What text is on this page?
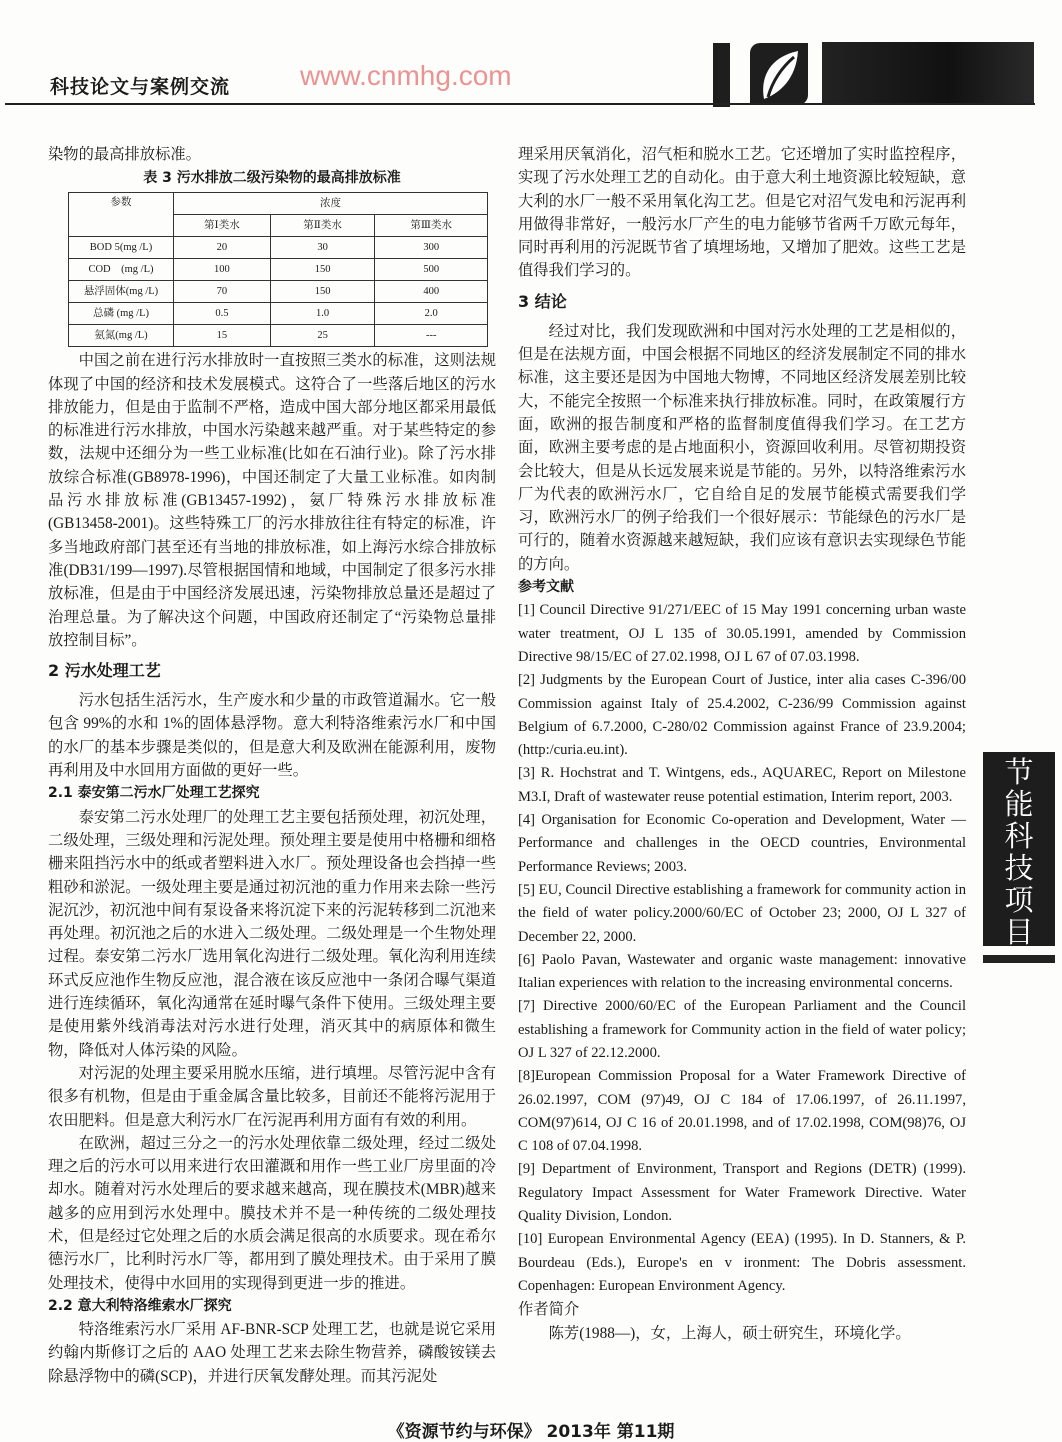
科技论文与案例交流
染物的最高排放标准。
表 3 污水排放二级污染物的最高排放标准
参数	浓度		
	第Ⅰ类水	第Ⅱ类水	第Ⅲ类水
BOD 5(mg /L)	20	30	300
COD　(mg /L)	100	150	500
悬浮固体(mg /L)	70	150	400
总磷 (mg /L)	0.5	1.0	2.0
氨氮(mg /L)	15	25	---
中国之前在进行污水排放时一直按照三类水的标准，这则法规体现了中国的经济和技术发展模式。这符合了一些落后地区的污水排放能力，但是由于监制不严格，造成中国大部分地区都采用最低的标准进行污水排放，中国水污染越来越严重。对于某些特定的参数，法规中还细分为一些工业标准(比如在石油行业)。除了污水排放综合标准(GB8978-1996)，中国还制定了大量工业标准。如肉制品污水排放标准(GB13457-1992)，氨厂特殊污水排放标准(GB13458-2001)。这些特殊工厂的污水排放往往有特定的标准，许多当地政府部门甚至还有当地的排放标准，如上海污水综合排放标准(DB31/199—1997).尽管根据国情和地域，中国制定了很多污水排放标准，但是由于中国经济发展迅速，污染物排放总量还是超过了治理总量。为了解决这个问题，中国政府还制定了“污染物总量排放控制目标”。
2 污水处理工艺
污水包括生活污水，生产废水和少量的市政管道漏水。它一般包含 99%的水和 1%的固体悬浮物。意大利特洛维索污水厂和中国的水厂的基本步骤是类似的，但是意大利及欧洲在能源利用，废物再利用及中水回用方面做的更好一些。
2.1 泰安第二污水厂处理工艺探究
泰安第二污水处理厂的处理工艺主要包括预处理，初沉处理，二级处理，三级处理和污泥处理。预处理主要是使用中格栅和细格栅来阻挡污水中的纸或者塑料进入水厂。预处理设备也会挡掉一些粗砂和淤泥。一级处理主要是通过初沉池的重力作用来去除一些污泥沉沙，初沉池中间有泵设备来将沉淀下来的污泥转移到二沉池来再处理。初沉池之后的水进入二级处理。二级处理是一个生物处理过程。泰安第二污水厂选用氧化沟进行二级处理。氧化沟利用连续环式反应池作生物反应池，混合液在该反应池中一条闭合曝气渠道进行连续循环，氧化沟通常在延时曝气条件下使用。三级处理主要是使用紫外线消毒法对污水进行处理，消灭其中的病原体和微生物，降低对人体污染的风险。
对污泥的处理主要采用脱水压缩，进行填埋。尽管污泥中含有很多有机物，但是由于重金属含量比较多，目前还不能将污泥用于农田肥料。但是意大利污水厂在污泥再利用方面有有效的利用。
在欧洲，超过三分之一的污水处理依靠二级处理，经过二级处理之后的污水可以用来进行农田灌溉和用作一些工业厂房里面的冷却水。随着对污水处理后的要求越来越高，现在膜技术(MBR)越来越多的应用到污水处理中。膜技术并不是一种传统的二级处理技术，但是经过它处理之后的水质会满足很高的水质要求。现在希尔德污水厂，比利时污水厂等，都用到了膜处理技术。由于采用了膜处理技术，使得中水回用的实现得到更进一步的推进。
2.2 意大利特洛维索水厂探究
特洛维索污水厂采用 AF-BNR-SCP 处理工艺，也就是说它采用约翰内斯修订之后的 AAO 处理工艺来去除生物营养，磷酸铵镁去除悬浮物中的磷(SCP)，并进行厌氧发酵处理。而其污泥处
理采用厌氧消化，沼气柜和脱水工艺。它还增加了实时监控程序，实现了污水处理工艺的自动化。由于意大利土地资源比较短缺，意大利的水厂一般不采用氧化沟工艺。但是它对沼气发电和污泥再利用做得非常好，一般污水厂产生的电力能够节省两千万欧元每年，同时再利用的污泥既节省了填埋场地，又增加了肥效。这些工艺是值得我们学习的。
3 结论
经过对比，我们发现欧洲和中国对污水处理的工艺是相似的，但是在法规方面，中国会根据不同地区的经济发展制定不同的排水标准，这主要还是因为中国地大物博，不同地区经济发展差别比较大，不能完全按照一个标准来执行排放标准。同时，在政策履行方面，欧洲的报告制度和严格的监督制度值得我们学习。在工艺方面，欧洲主要考虑的是占地面积小，资源回收利用。尽管初期投资会比较大，但是从长远发展来说是节能的。另外，以特洛维索污水厂为代表的欧洲污水厂，它自给自足的发展节能模式需要我们学习，欧洲污水厂的例子给我们一个很好展示：节能绿色的污水厂是可行的，随着水资源越来越短缺，我们应该有意识去实现绿色节能的方向。
参考文献
[1] Council Directive 91/271/EEC of 15 May 1991 concerning urban waste water treatment, OJ L 135 of 30.05.1991, amended by Commission Directive 98/15/EC of 27.02.1998, OJ L 67 of 07.03.1998.
[2] Judgments by the European Court of Justice, inter alia cases C-396/00 Commission against Italy of 25.4.2002, C-236/99 Commission against Belgium of 6.7.2000, C-280/02 Commission against France of 23.9.2004; (http:/curia.eu.int).
[3] R. Hochstrat and T. Wintgens, eds., AQUAREC, Report on Milestone M3.I, Draft of wastewater reuse potential estimation, Interim report, 2003.
[4] Organisation for Economic Co-operation and Development, Water — Performance and challenges in the OECD countries, Environmental Performance Reviews; 2003.
[5] EU, Council Directive establishing a framework for community action in the field of water policy.2000/60/EC of October 23; 2000, OJ L 327 of December 22, 2000.
[6] Paolo Pavan, Wastewater and organic waste management: innovative Italian experiences with relation to the increasing environmental concerns.
[7] Directive 2000/60/EC of the European Parliament and the Council establishing a framework for Community action in the field of water policy; OJ L 327 of 22.12.2000.
[8]European Commission Proposal for a Water Framework Directive of 26.02.1997, COM (97)49, OJ C 184 of 17.06.1997, of 26.11.1997, COM(97)614, OJ C 16 of 20.01.1998, and of 17.02.1998, COM(98)76, OJ C 108 of 07.04.1998.
[9] Department of Environment, Transport and Regions (DETR) (1999). Regulatory Impact Assessment for Water Framework Directive. Water Quality Division, London.
[10] European Environmental Agency (EEA) (1995). In D. Stanners, & P. Bourdeau (Eds.), Europe's en v ironment: The Dobris assessment. Copenhagen: European Environment Agency.
作者简介
陈芳(1988—)，女，上海人，硕士研究生，环境化学。
www.cnmhg.com
节能科技项目
《资源节约与环保》 2013年 第11期
